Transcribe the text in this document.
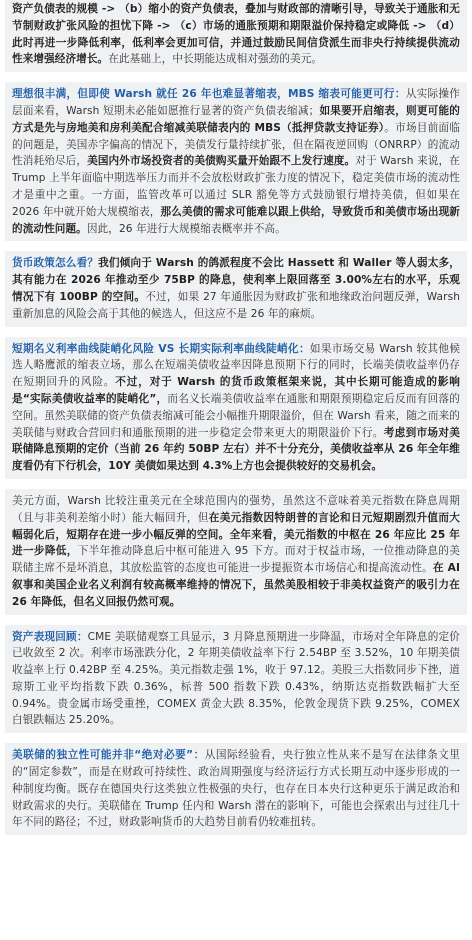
资产负债表的规模 -> （b）缩小的资产负债表，叠加与财政部的清晰引导，导致关于通胀和无节制财政扩张风险的担忧下降 -> （c）市场的通胀预期和期限溢价保持稳定或降低 -> （d）此时再进一步降低利率，低利率会更加可信，并通过鼓励民间信贷派生而非央行持续提供流动性来增强经济增长。在此基础上，中长期能达成相对强劲的美元。
理想很丰满，但即使 Warsh 就任 26 年也难显著缩表，MBS 缩表可能更可行：从实际操作层面来看，Warsh 短期未必能如愿推行显著的资产负债表缩减；如果要开启缩表，则更可能的方式是先与房地美和房利美配合缩减美联储表内的 MBS（抵押贷款支持证券）。市场目前面临的问题是，美国赤字偏高的情况下，美债发行量持续扩张，但在隔夜逆回购（ONRRP）的流动性消耗殆尽后，美国内外市场投资者的美债购买量开始跟不上发行速度。对于 Warsh 来说，在 Trump 上半年面临中期选举压力而并不会放松财政扩张力度的情况下，稳定美债市场的流动性才是重中之重。一方面，监管改革可以通过 SLR 豁免等方式鼓励银行增持美债，但如果在 2026 年中就开始大规模缩表，那么美债的需求可能难以跟上供给，导致货币和美债市场出现新的流动性问题。因此，26 年进行大规模缩表概率并不高。
货币政策怎么看？我们倾向于 Warsh 的鸽派程度不会比 Hassett 和 Waller 等人弱太多，其有能力在 2026 年推动至少 75BP 的降息，使利率上限回落至 3.00%左右的水平，乐观情况下有 100BP 的空间。不过，如果 27 年通胀因为财政扩张和地缘政治问题反弹，Warsh 重新加息的风险会高于其他的候选人，但这应不是 26 年的麻烦。
短期名义利率曲线陡峭化风险 VS 长期实际利率曲线陡峭化：如果市场交易 Warsh 较其他候选人略鹰派的缩表立场，那么在短端美债收益率因降息预期下行的同时，长端美债收益率仍存在短期回升的风险。不过，对于 Warsh 的货币政策框架来说，其中长期可能造成的影响是“实际美债收益率的陡峭化”，而名义长端美债收益率在通胀和期限预期稳定后反而有回落的空间。虽然美联储的资产负债表缩减可能会小幅推升期限溢价，但在 Warsh 看来，随之而来的美联储与财政合营回归和通胀预期的进一步稳定会带来更大的期限溢价下行。考虑到市场对美联储降息预期的定价（当前 26 年约 50BP 左右）并不十分充分，美债收益率从 26 年全年维度看仍有下行机会，10Y 美债如果达到 4.3%上方也会提供较好的交易机会。
美元方面，Warsh 比较注重美元在全球范围内的强势，虽然这不意味着美元指数在降息周期（且与非美利差缩小时）能大幅回升，但在美元指数因特朗普的言论和日元短期剧烈升值而大幅弱化后，短期存在进一步小幅反弹的空间。全年来看，美元指数的中枢在 26 年应比 25 年进一步降低，下半年推动降息后中枢可能进入 95 下方。而对于权益市场，一位推动降息的美联储主席不是坏消息，其放松监管的态度也可能进一步提振资本市场信心和提高流动性。在 AI 叙事和美国企业名义利润有较高概率维持的情况下，虽然美股相较于非美权益资产的吸引力在 26 年降低，但名义回报仍然可观。
资产表现回顾：CME 美联储观察工具显示，3 月降息预期进一步降温，市场对全年降息的定价已收敛至 2 次。利率市场涨跌分化，2 年期美债收益率下行 2.54BP 至 3.52%，10 年期美债收益率上行 0.42BP 至 4.25%。美元指数走强 1%，收于 97.12。美股三大指数同步下挫，道琼斯工业平均指数下跌 0.36%，标普 500 指数下跌 0.43%，纳斯达克指数跌幅扩大至 0.94%。贵金属市场受重挫，COMEX 黄金大跌 8.35%，伦敦金现货下跌 9.25%，COMEX 白银跌幅达 25.20%。
美联储的独立性可能并非“绝对必要”：从国际经验看，央行独立性从来不是写在法律条文里的“固定参数”，而是在财政可持续性、政治周期强度与经济运行方式长期互动中逐步形成的一种制度均衡。既存在德国央行这类独立性极强的央行，也存在日本央行这种更乐于满足政治和财政需求的央行。美联储在 Trump 任内和 Warsh 潜在的影响下，可能也会探索出与过往几十年不同的路径；不过，财政影响货币的大趋势目前看仍较难扭转。
